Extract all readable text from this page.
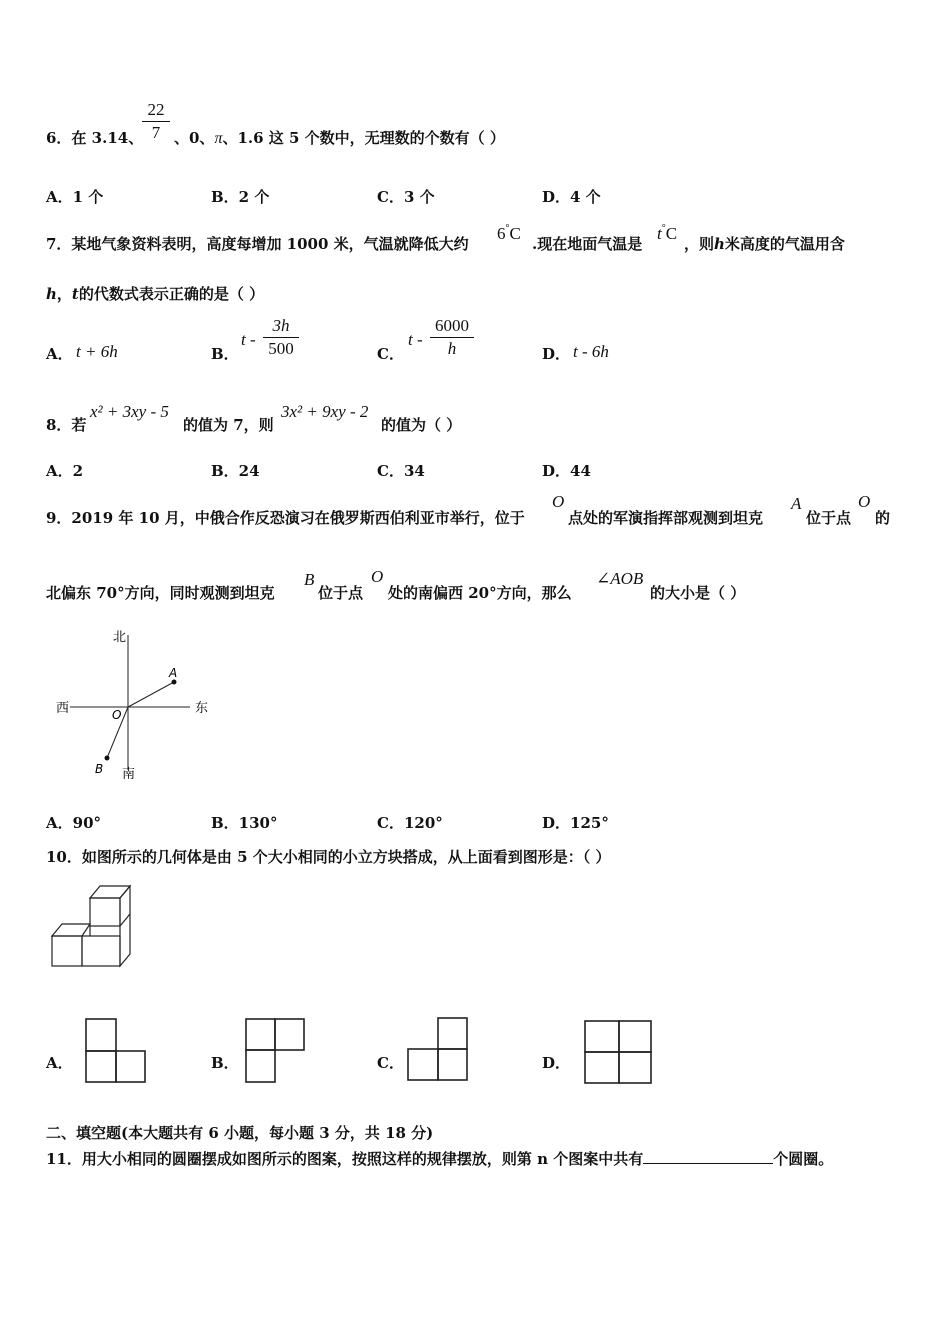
6．在 3.14、
22
7 、0、π、1.6 这 5 个数中，无理数的个数有（ ）
A．1 个	B．2 个	C．3 个	D．4 个
7．某地气象资料表明，高度每增加 1000 米，气温就降低大约
6°C
.现在地面气温是
t°C
，则h米高度的气温用含
h，t的代数式表示正确的是（ ）
A． t + 6h	B．
t -
3h
500	C．
t -
6000
h	D． t - 6h
8．若
x² + 3xy - 5
的值为 7，则
3x² + 9xy - 2
的值为（ ）
A．2	B．24	C．34	D．44
9．2019 年 10 月，中俄合作反恐演习在俄罗斯西伯利亚市举行，位于
O
点处的军演指挥部观测到坦克
A
位于点
O
的
北偏东 70°方向，同时观测到坦克
B
位于点
O
处的南偏西 20°方向，那么
∠AOB
的大小是（ ）
北
南
东
西	O
A
B
A．90°	B．130°	C．120°	D．125°
10．如图所示的几何体是由 5 个大小相同的小立方块搭成，从上面看到图形是：（ ）
A．	B．	C．	D．
二、填空题(本大题共有 6 小题，每小题 3 分，共 18 分)
11．用大小相同的圆圈摆成如图所示的图案，按照这样的规律摆放，则第 n 个图案中共有	个圆圈。
